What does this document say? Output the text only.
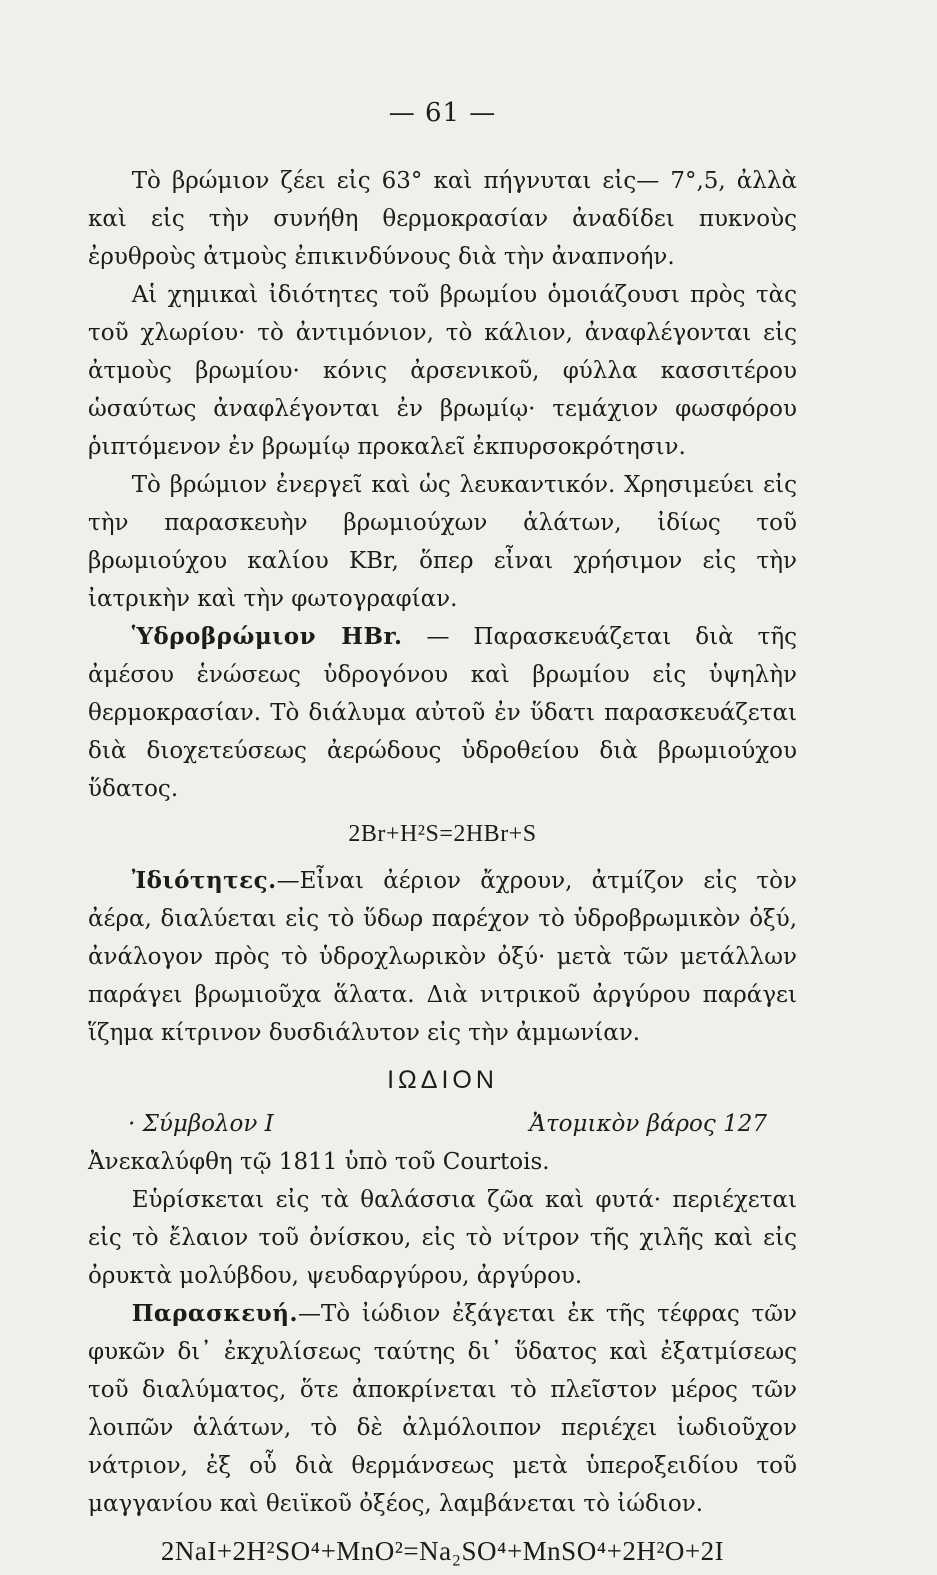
— 61 —

Τὸ βρώμιον ζέει εἰς 63° καὶ πήγνυται εἰς— 7°,5, ἀλλὰ καὶ εἰς τὴν συνήθη θερμοκρασίαν ἀναδίδει πυκνοὺς ἐρυθροὺς ἀτμοὺς ἐπικινδύνους διὰ τὴν ἀναπνοήν.

Αἱ χημικαὶ ἰδιότητες τοῦ βρωμίου ὁμοιάζουσι πρὸς τὰς τοῦ χλωρίου· τὸ ἀντιμόνιον, τὸ κάλιον, ἀναφλέγονται εἰς ἀτμοὺς βρωμίου· κόνις ἀρσενικοῦ, φύλλα κασσιτέρου ὡσαύτως ἀναφλέγονται ἐν βρωμίῳ· τεμάχιον φωσφόρου ῥιπτόμενον ἐν βρωμίῳ προκαλεῖ ἐκπυρσοκρότησιν.

Τὸ βρώμιον ἐνεργεῖ καὶ ὡς λευκαντικόν. Χρησιμεύει εἰς τὴν παρασκευὴν βρωμιούχων ἁλάτων, ἰδίως τοῦ βρωμιούχου καλίου KBr, ὅπερ εἶναι χρήσιμον εἰς τὴν ἰατρικὴν καὶ τὴν φωτογραφίαν.

Ὑδροβρώμιον HBr. — Παρασκευάζεται διὰ τῆς ἀμέσου ἑνώσεως ὑδρογόνου καὶ βρωμίου εἰς ὑψηλὴν θερμοκρασίαν. Τὸ διάλυμα αὐτοῦ ἐν ὕδατι παρασκευάζεται διὰ διοχετεύσεως ἀερώδους ὑδροθείου διὰ βρωμιούχου ὕδατος.

2Br+H²S=2HBr+S

Ἰδιότητες.—Εἶναι ἀέριον ἄχρουν, ἀτμίζον εἰς τὸν ἀέρα, διαλύεται εἰς τὸ ὕδωρ παρέχον τὸ ὑδροβρωμικὸν ὀξύ, ἀνάλογον πρὸς τὸ ὑδροχλωρικὸν ὀξύ· μετὰ τῶν μετάλλων παράγει βρωμιοῦχα ἅλατα. Διὰ νιτρικοῦ ἀργύρου παράγει ἵζημα κίτρινον δυσδιάλυτον εἰς τὴν ἀμμωνίαν.

ΙΩΔΙΟΝ
· Σύμβολον I	Ἀτομικὸν βάρος 127

Ἀνεκαλύφθη τῷ 1811 ὑπὸ τοῦ Courtois.

Εὑρίσκεται εἰς τὰ θαλάσσια ζῶα καὶ φυτά· περιέχεται εἰς τὸ ἔλαιον τοῦ ὀνίσκου, εἰς τὸ νίτρον τῆς χιλῆς καὶ εἰς ὀρυκτὰ μολύβδου, ψευδαργύρου, ἀργύρου.

Παρασκευή.—Τὸ ἰώδιον ἐξάγεται ἐκ τῆς τέφρας τῶν φυκῶν δι᾽ ἐκχυλίσεως ταύτης δι᾽ ὕδατος καὶ ἐξατμίσεως τοῦ διαλύματος, ὅτε ἀποκρίνεται τὸ πλεῖστον μέρος τῶν λοιπῶν ἁλάτων, τὸ δὲ ἀλμόλοιπον περιέχει ἰωδιοῦχον νάτριον, ἐξ οὗ διὰ θερμάνσεως μετὰ ὑπεροξειδίου τοῦ μαγγανίου καὶ θειϊκοῦ ὀξέος, λαμβάνεται τὸ ἰώδιον.

2NaI+2H²SO⁴+MnO²=Na₂SO⁴+MnSO⁴+2H²O+2I
